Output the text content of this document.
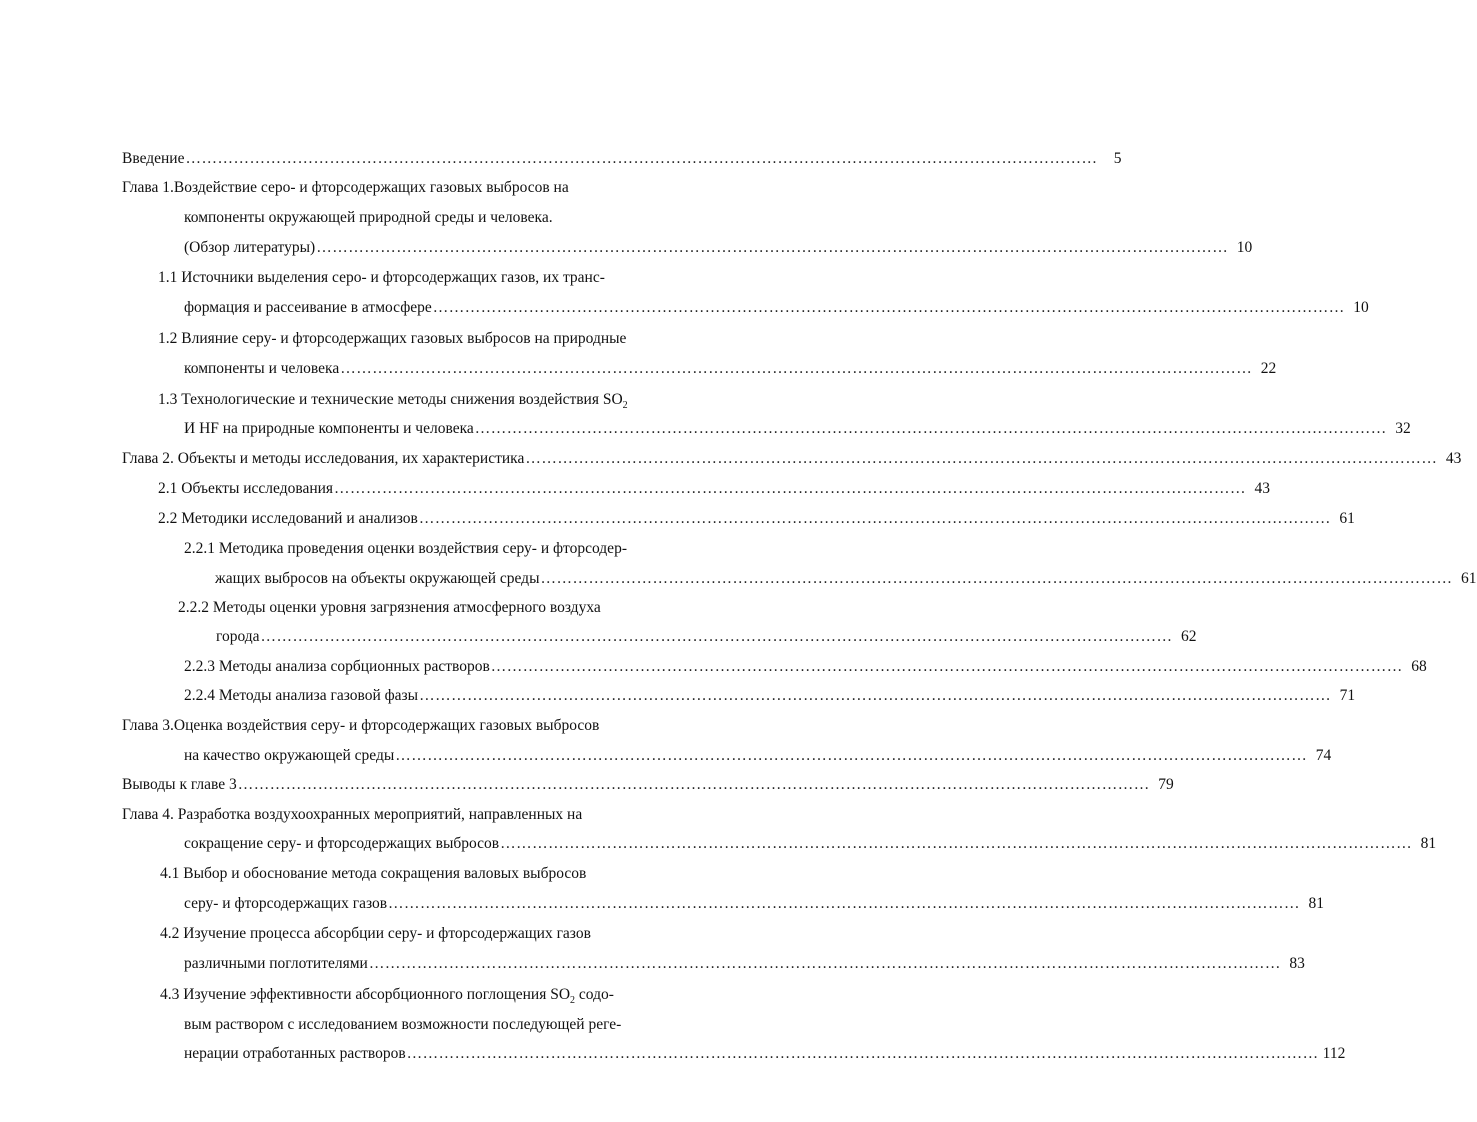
Введение ………………………………………………………………………………………………………………………………………………………	5
Глава 1.Воздействие серо- и фторсодержащих газовых выбросов на
компоненты окружающей природной среды и человека.
(Обзор литературы) ……………………………………………………………………………………………………………………………………………………… 10
1.1 Источники выделения серо- и фторсодержащих газов, их транс-
формация и рассеивание в атмосфере ……………………………………………………………………………………………………………………………………………………… 10
1.2 Влияние серу- и фторсодержащих газовых выбросов на природные
компоненты и человека ……………………………………………………………………………………………………………………………………………………… 22
1.3 Технологические и технические методы снижения воздействия $SO_2$
И HF на природные компоненты и человека ……………………………………………………………………………………………………………………………………………………… 32
Глава 2. Объекты и методы исследования, их характеристика ……………………………………………………………………………………………………………………………………………………… 43
2.1 Объекты исследования ……………………………………………………………………………………………………………………………………………………… 43
2.2 Методики исследований и анализов ……………………………………………………………………………………………………………………………………………………… 61
2.2.1 Методика проведения оценки воздействия серу- и фторсодер-
жащих выбросов на объекты окружающей среды ……………………………………………………………………………………………………………………………………………………… 61
2.2.2 Методы оценки уровня загрязнения атмосферного воздуха
города ……………………………………………………………………………………………………………………………………………………… 62
2.2.3 Методы анализа сорбционных растворов ……………………………………………………………………………………………………………………………………………………… 68
2.2.4 Методы анализа газовой фазы ……………………………………………………………………………………………………………………………………………………… 71
Глава 3.Оценка воздействия серу- и фторсодержащих газовых выбросов
на качество окружающей среды ……………………………………………………………………………………………………………………………………………………… 74
Выводы к главе 3 ……………………………………………………………………………………………………………………………………………………… 79
Глава 4. Разработка воздухоохранных мероприятий, направленных на
сокращение серу- и фторсодержащих выбросов ……………………………………………………………………………………………………………………………………………………… 81
4.1 Выбор и обоснование метода сокращения валовых выбросов
серу- и фторсодержащих газов ……………………………………………………………………………………………………………………………………………………… 81
4.2 Изучение процесса абсорбции серу- и фторсодержащих газов
различными поглотителями ……………………………………………………………………………………………………………………………………………………… 83
4.3 Изучение эффективности абсорбционного поглощения $SO_2$ содо-
вым раствором с исследованием возможности последующей реге-
нерации отработанных растворов ……………………………………………………………………………………………………………………………………………………… 112
